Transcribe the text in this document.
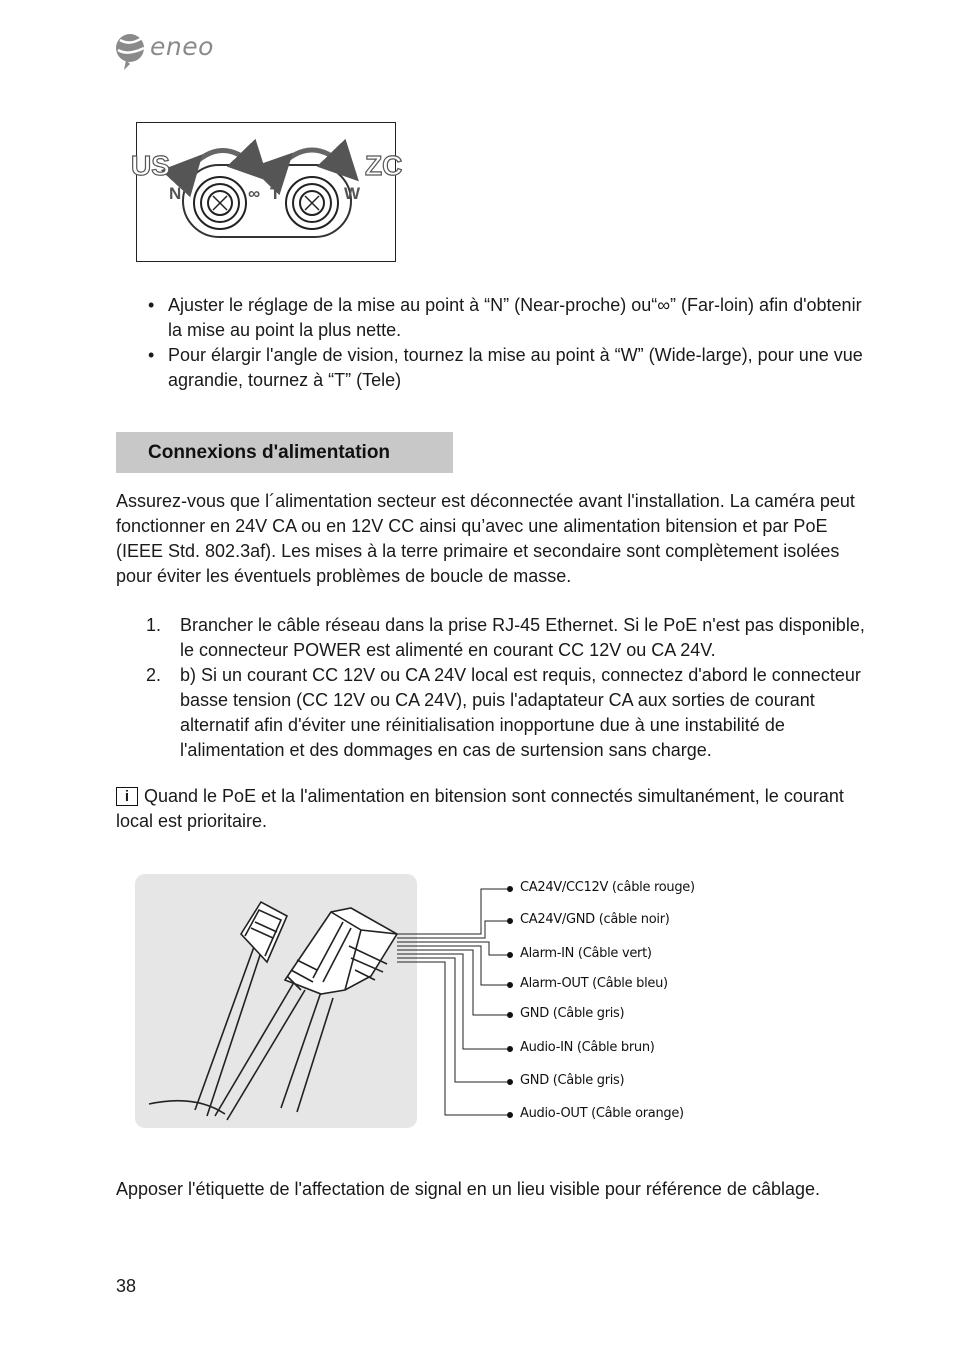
eneo
US	ZC
N	∞ T	W

• Ajuster le réglage de la mise au point à “N” (Near-proche) ou“∞” (Far-loin) afin d'obtenir la mise au point la plus nette.

• Pour élargir l'angle de vision, tournez la mise au point à “W” (Wide-large), pour une vue agrandie, tournez à “T” (Tele)

Connexions d'alimentation

Assurez-vous que l´alimentation secteur est déconnectée avant l'installation. La caméra peut fonctionner en 24V CA ou en 12V CC ainsi qu’avec une alimentation bitension et par PoE (IEEE Std. 802.3af). Les mises à la terre primaire et secondaire sont complètement isolées pour éviter les éventuels problèmes de boucle de masse.

1. Brancher le câble réseau dans la prise RJ-45 Ethernet. Si le PoE n'est pas disponible, le connecteur POWER est alimenté en courant CC 12V ou CA 24V.

2. b) Si un courant CC 12V ou CA 24V local est requis, connectez d'abord le connecteur basse tension (CC 12V ou CA 24V), puis l'adaptateur CA aux sorties de courant alternatif afin d'éviter une réinitialisation inopportune due à une instabilité de l'alimentation et des dommages en cas de surtension sans charge.

i Quand le PoE et la l'alimentation en bitension sont connectés simultanément, le courant local est prioritaire.

CA24V/CC12V (câble rouge)
CA24V/GND (câble noir)
Alarm-IN (Câble vert)
Alarm-OUT (Câble bleu)
GND (Câble gris)
Audio-IN (Câble brun)
GND (Câble gris)
Audio-OUT (Câble orange)

Apposer l'étiquette de l'affectation de signal en un lieu visible pour référence de câblage.

38
